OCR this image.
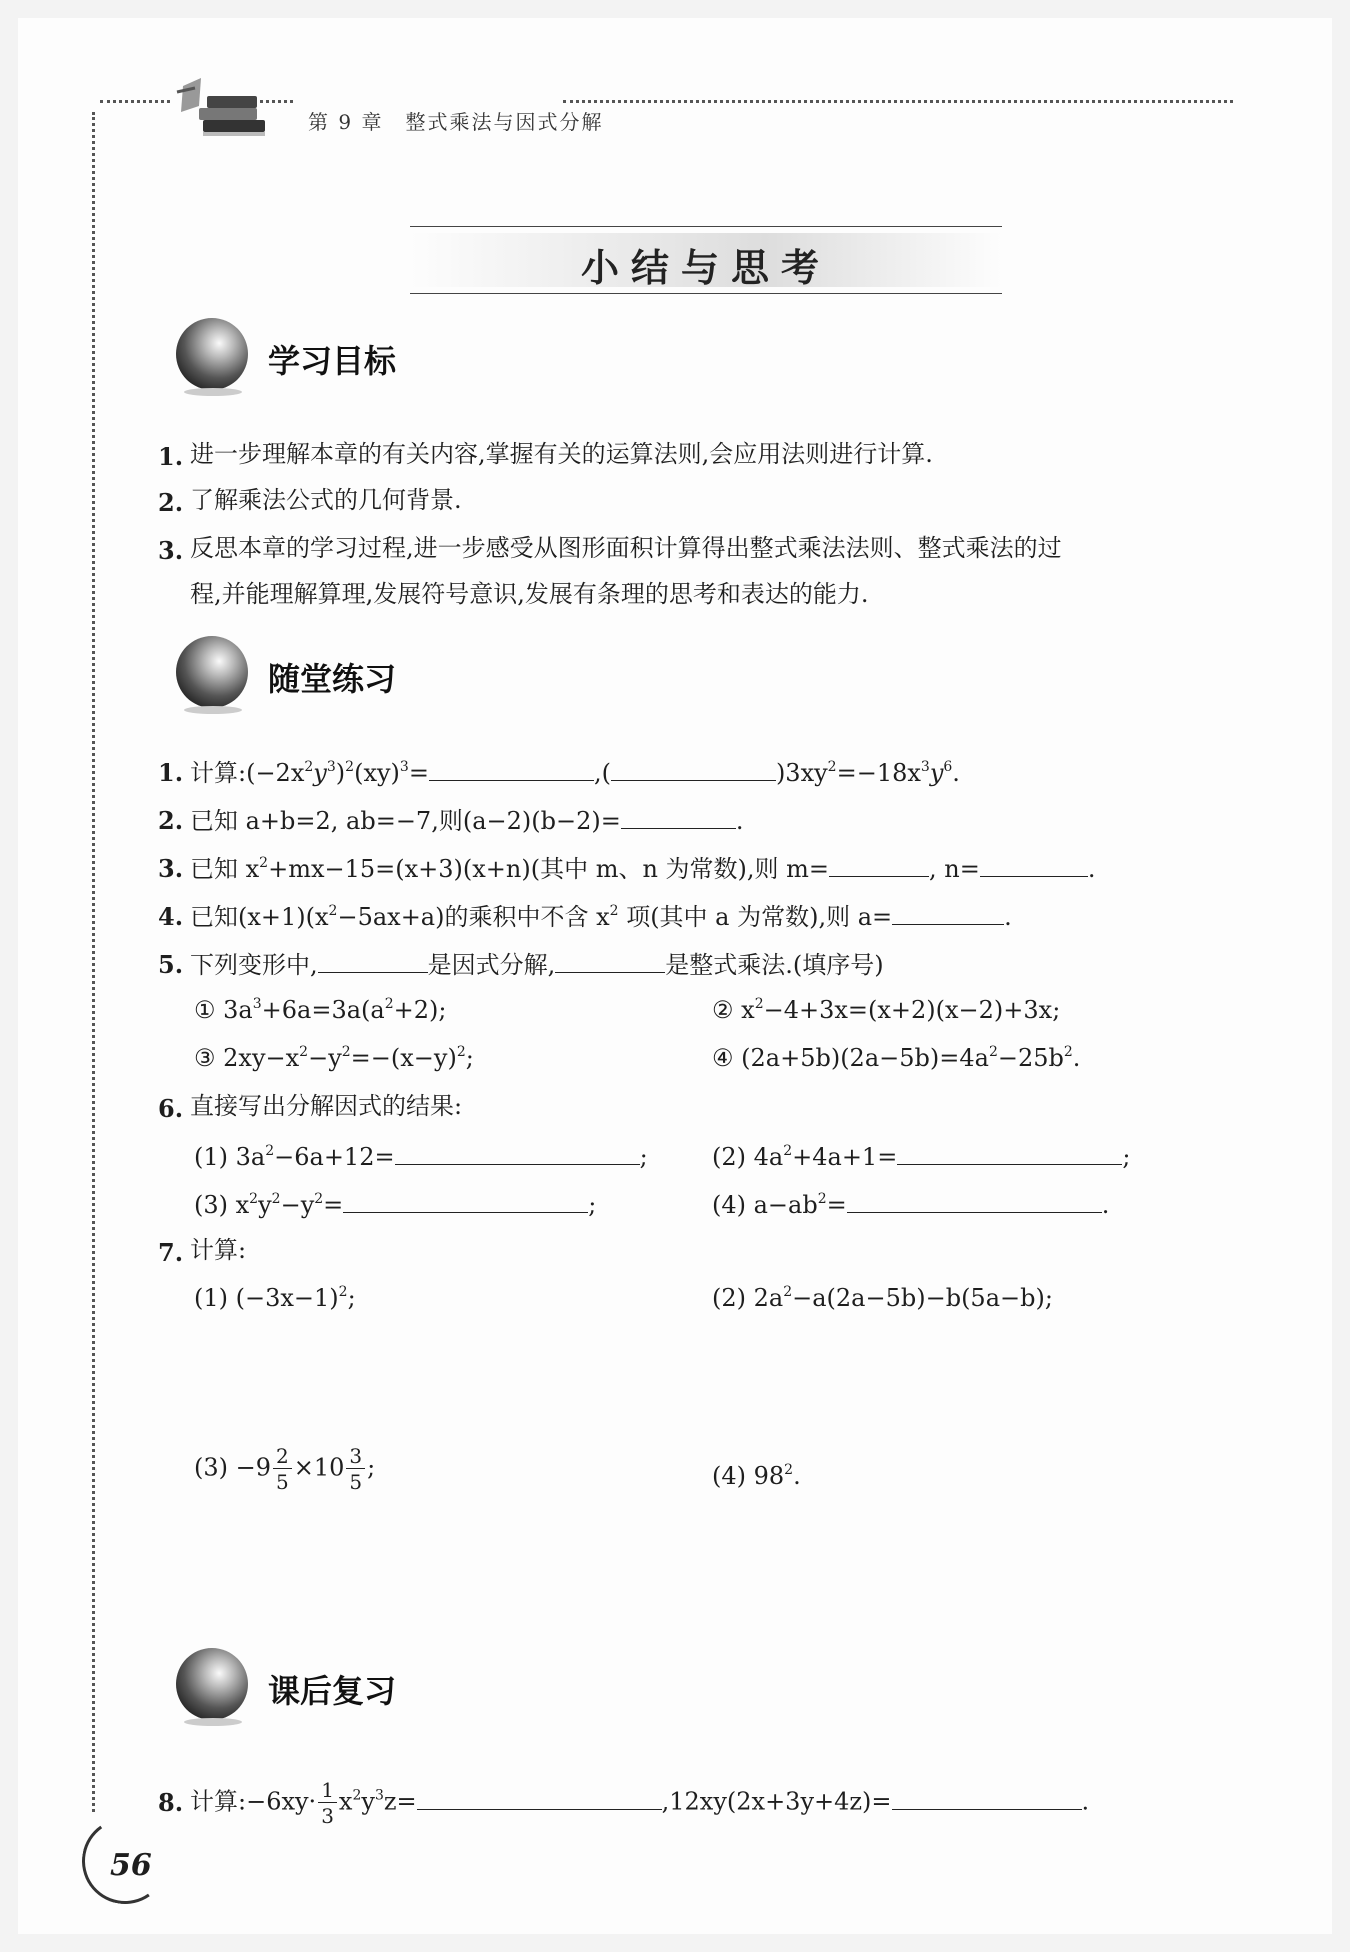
第 9 章　整式乘法与因式分解
小结与思考
学习目标
1. 进一步理解本章的有关内容,掌握有关的运算法则,会应用法则进行计算.
2. 了解乘法公式的几何背景.
3. 反思本章的学习过程,进一步感受从图形面积计算得出整式乘法法则、整式乘法的过
程,并能理解算理,发展符号意识,发展有条理的思考和表达的能力.
随堂练习
1. 计算$:(-2x^2y^3)^2(xy)^3=$	,(	)$3xy^2=-18x^3y^6$.
2. 已知 a+b=2, ab=−7,则(a−2)(b−2)=	.
3. 已知 $x^2+mx-15=(x+3)(x+n)$(其中 m、n 为常数),则 m=	, n=	.
4. 已知$(x+1)(x^2-5ax+a)$的乘积中不含 $x^2$ 项(其中 a 为常数),则 a=	.
5. 下列变形中,	是因式分解,	是整式乘法.(填序号)
① $3a^3+6a=3a(a^2+2)$;	② $x^2-4+3x=(x+2)(x-2)+3x$;
③ $2xy-x^2-y^2=-(x-y)^2$;	④ $(2a+5b)(2a-5b)=4a^2-25b^2$.
6. 直接写出分解因式的结果:
(1) $3a^2-6a+12=$	;	(2) $4a^2+4a+1=$	;
(3) $x^2y^2-y^2=$	;	(4) $a-ab^2=$	.
7. 计算:
(1) $(-3x-1)^2$;	(2) $2a^2-a(2a-5b)-b(5a-b)$;
$(3) -9 \frac{2}{5} \times 10 \frac{3}{5}$ ;	(4) $98^2$.
课后复习
8. 计算:−6xy· $\frac{1}{3} x^2y^3z=$	,12xy(2x+3y+4z)=	.
56
